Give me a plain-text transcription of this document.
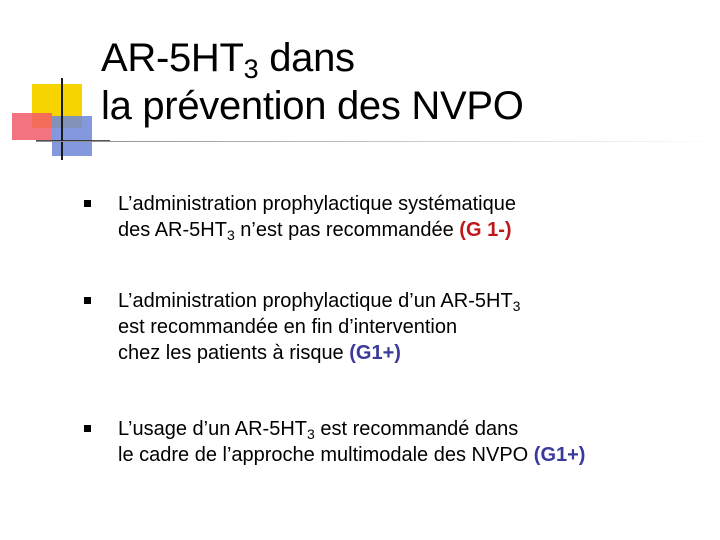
$AR-5HT_3$ dans
la prévention des NVPO
L’administration prophylactique systématique
des $AR-5HT_3$ n’est pas recommandée (G 1-)
L’administration prophylactique d’un $AR-5HT_3$
est recommandée en fin d’intervention
chez les patients à risque (G1+)
L’usage d’un $AR-5HT_3$ est recommandé dans
le cadre de l’approche multimodale des NVPO (G1+)
